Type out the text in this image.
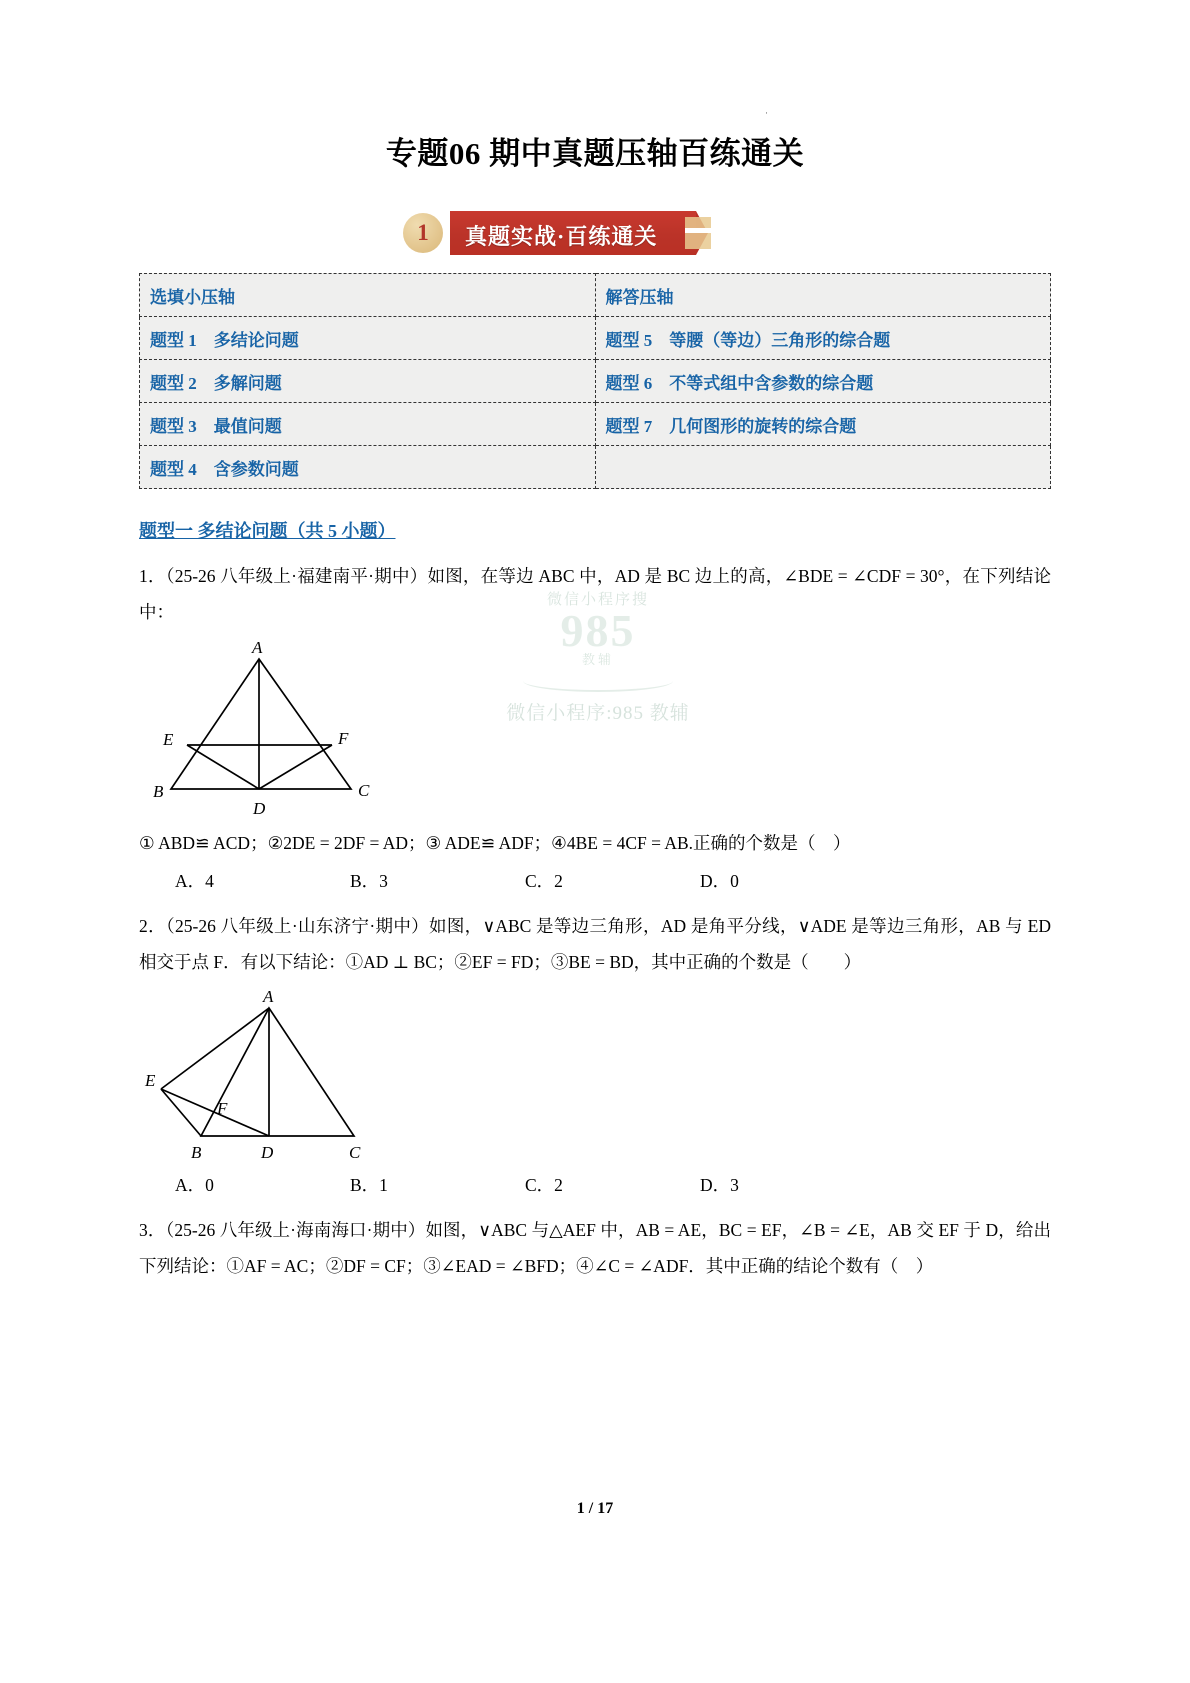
·
专题06 期中真题压轴百练通关
1	真题实战·百练通关
选填小压轴	解答压轴
题型 1　多结论问题	题型 5　等腰（等边）三角形的综合题
题型 2　多解问题	题型 6　不等式组中含参数的综合题
题型 3　最值问题	题型 7　几何图形的旋转的综合题
题型 4　含参数问题	
题型一 多结论问题（共 5 小题）
1．（25-26 八年级上·福建南平·期中）如图，在等边 ABC 中，AD 是 BC 边上的高，∠BDE = ∠CDF = 30°，在下列结论中：
A
E	F
B
D
C
① ABD≌ ACD；②2DE = 2DF = AD；③ ADE≌ ADF；④4BE = 4CF = AB.正确的个数是（　）
A．4	B．3	C．2	D．0
2．（25-26 八年级上·山东济宁·期中）如图，∨ABC 是等边三角形，AD 是角平分线，∨ADE 是等边三角形，AB 与 ED 相交于点 F．有以下结论：①AD ⊥ BC；②EF = FD；③BE = BD，其中正确的个数是（　　）
A
E
F
B	D	C
A．0	B．1	C．2	D．3
3．（25-26 八年级上·海南海口·期中）如图，∨ABC 与△AEF 中，AB = AE，BC = EF，∠B = ∠E，AB 交 EF 于 D，给出下列结论：①AF = AC；②DF = CF；③∠EAD = ∠BFD；④∠C = ∠ADF．其中正确的结论个数有（　）
微信小程序搜
985
教辅
微信小程序:985 教辅
1 / 17
